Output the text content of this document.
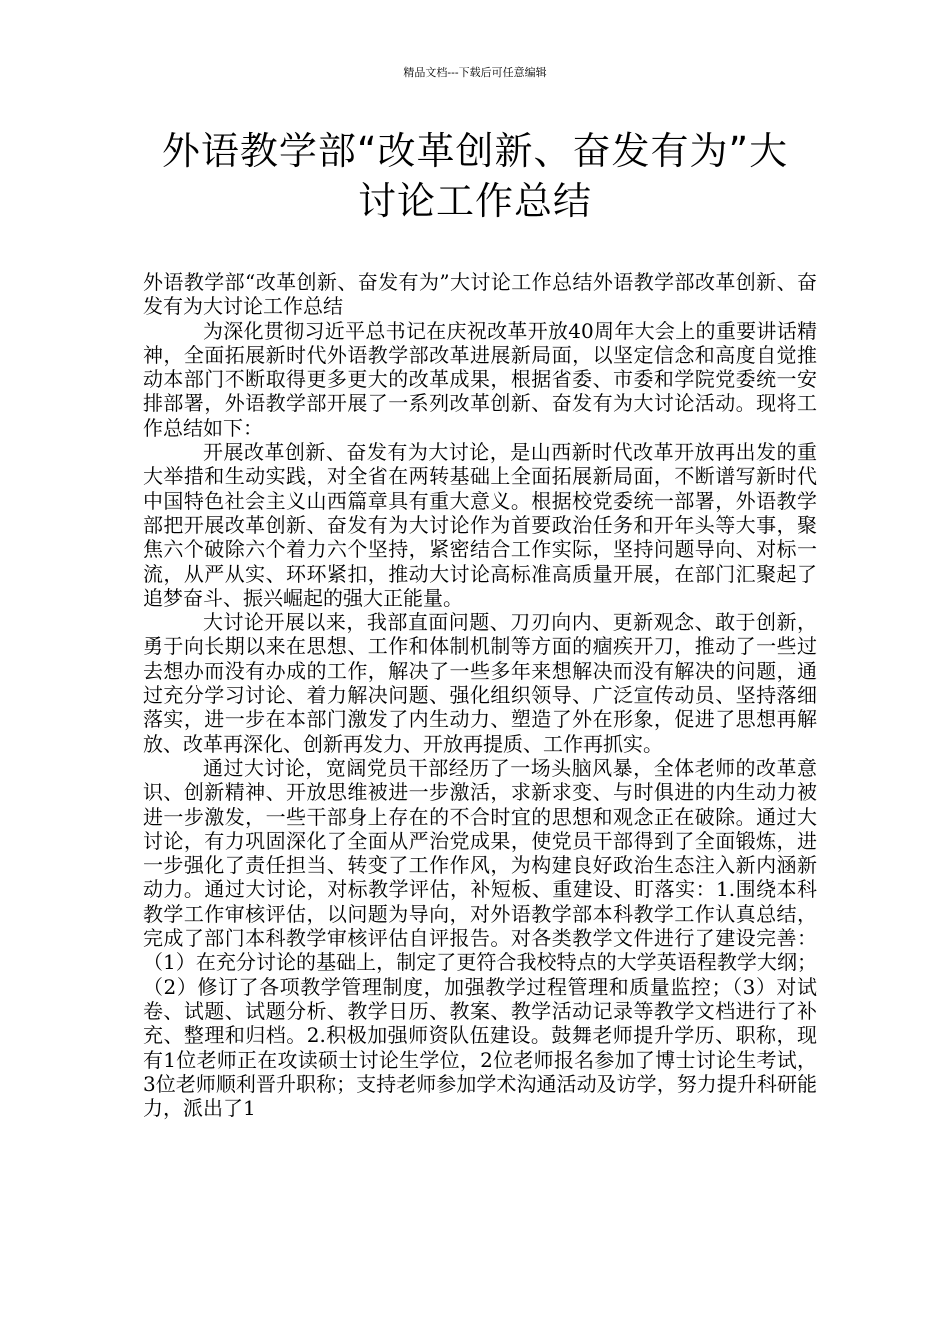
精品文档---下载后可任意编辑
外语教学部“改革创新、奋发有为”大
讨论工作总结

外语教学部“改革创新、奋发有为”大讨论工作总结外语教学部改革创新、奋发有为大讨论工作总结

为深化贯彻习近平总书记在庆祝改革开放40周年大会上的重要讲话精神，全面拓展新时代外语教学部改革进展新局面，以坚定信念和高度自觉推动本部门不断取得更多更大的改革成果，根据省委、市委和学院党委统一安排部署，外语教学部开展了一系列改革创新、奋发有为大讨论活动。现将工作总结如下：

开展改革创新、奋发有为大讨论，是山西新时代改革开放再出发的重大举措和生动实践，对全省在两转基础上全面拓展新局面，不断谱写新时代中国特色社会主义山西篇章具有重大意义。根据校党委统一部署，外语教学部把开展改革创新、奋发有为大讨论作为首要政治任务和开年头等大事，聚焦六个破除六个着力六个坚持，紧密结合工作实际，坚持问题导向、对标一流，从严从实、环环紧扣，推动大讨论高标准高质量开展，在部门汇聚起了追梦奋斗、振兴崛起的强大正能量。

大讨论开展以来，我部直面问题、刀刃向内、更新观念、敢于创新，勇于向长期以来在思想、工作和体制机制等方面的痼疾开刀，推动了一些过去想办而没有办成的工作，解决了一些多年来想解决而没有解决的问题，通过充分学习讨论、着力解决问题、强化组织领导、广泛宣传动员、坚持落细落实，进一步在本部门激发了内生动力、塑造了外在形象，促进了思想再解放、改革再深化、创新再发力、开放再提质、工作再抓实。

通过大讨论，宽阔党员干部经历了一场头脑风暴，全体老师的改革意识、创新精神、开放思维被进一步激活，求新求变、与时俱进的内生动力被进一步激发，一些干部身上存在的不合时宜的思想和观念正在破除。通过大讨论，有力巩固深化了全面从严治党成果，使党员干部得到了全面锻炼，进一步强化了责任担当、转变了工作作风，为构建良好政治生态注入新内涵新动力。通过大讨论，对标教学评估，补短板、重建设、盯落实：1.围绕本科教学工作审核评估，以问题为导向，对外语教学部本科教学工作认真总结，完成了部门本科教学审核评估自评报告。对各类教学文件进行了建设完善：（1）在充分讨论的基础上，制定了更符合我校特点的大学英语程教学大纲；（2）修订了各项教学管理制度，加强教学过程管理和质量监控；（3）对试卷、试题、试题分析、教学日历、教案、教学活动记录等教学文档进行了补充、整理和归档。2.积极加强师资队伍建设。鼓舞老师提升学历、职称，现有1位老师正在攻读硕士讨论生学位，2位老师报名参加了博士讨论生考试，3位老师顺利晋升职称；支持老师参加学术沟通活动及访学，努力提升科研能力，派出了1
